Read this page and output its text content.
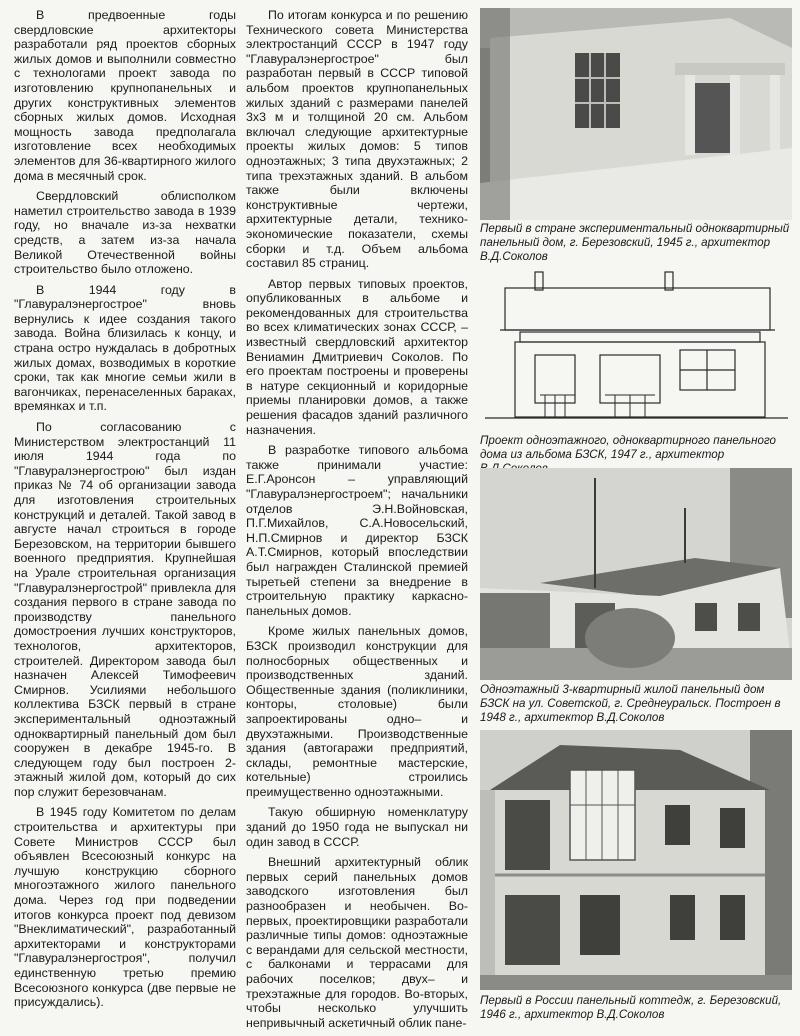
В предвоенные годы свердловские архитекторы разработали ряд проектов сборных жилых домов и выполнили совместно с технологами проект завода по изготовлению крупнопанельных и других конструктивных элементов сборных жилых домов. Исходная мощность завода предполагала изготовление всех необходимых элементов для 36-квартирного жилого дома в месячный срок.

Свердловский облисполком наметил строительство завода в 1939 году, но вначале из-за нехватки средств, а затем из-за начала Великой Отечественной войны строительство было отложено.

В 1944 году в "Главуралэнергострое" вновь вернулись к идее создания такого завода. Война близилась к концу, и страна остро нуждалась в добротных жилых домах, возводимых в короткие сроки, так как многие семьи жили в вагончиках, перенаселенных бараках, времянках и т.п.

По согласованию с Министерством электростанций 11 июля 1944 года по "Главуралэнергострою" был издан приказ № 74 об организации завода для изготовления строительных конструкций и деталей. Такой завод в августе начал строиться в городе Березовском, на территории бывшего военного предприятия. Крупнейшая на Урале строительная организация "Главуралэнергострой" привлекла для создания первого в стране завода по производству панельного домостроения лучших конструкторов, технологов, архитекторов, строителей. Директором завода был назначен Алексей Тимофеевич Смирнов. Усилиями небольшого коллектива БЗСК первый в стране экспериментальный одноэтажный одноквартирный панельный дом был сооружен в декабре 1945-го. В следующем году был построен 2-этажный жилой дом, который до сих пор служит березовчанам.

В 1945 году Комитетом по делам строительства и архитектуры при Совете Министров СССР был объявлен Всесоюзный конкурс на лучшую конструкцию сборного многоэтажного жилого панельного дома. Через год при подведении итогов конкурса проект под девизом "Внеклиматический", разработанный архитекторами и конструкторами "Главуралэнергостроя", получил единственную третью премию Всесоюзного конкурса (две первые не присуждались).

По итогам конкурса и по решению Технического совета Министерства электростанций СССР в 1947 году "Главуралэнергострое" был разработан первый в СССР типовой альбом проектов крупнопанельных жилых зданий с размерами панелей 3х3 м и толщиной 20 см. Альбом включал следующие архитектурные проекты жилых домов: 5 типов одноэтажных; 3 типа двухэтажных; 2 типа трехэтажных зданий. В альбом также были включены конструктивные чертежи, архитектурные детали, технико-экономические показатели, схемы сборки и т.д. Объем альбома составил 85 страниц.

Автор первых типовых проектов, опубликованных в альбоме и рекомендованных для строительства во всех климатических зонах СССР, – известный свердловский архитектор Вениамин Дмитриевич Соколов. По его проектам построены и проверены в натуре секционный и коридорные приемы планировки домов, а также решения фасадов зданий различного назначения.

В разработке типового альбома также принимали участие: Е.Г.Аронсон – управляющий "Главуралэнергостроем"; начальники отделов Э.Н.Войновская, П.Г.Михайлов, С.А.Новосельский, Н.П.Смирнов и директор БЗСК А.Т.Смирнов, который впоследствии был награжден Сталинской премией тыретьей степени за внедрение в строительную практику каркасно-панельных домов.

Кроме жилых панельных домов, БЗСК производил конструкции для полносборных общественных и производственных зданий. Общественные здания (поликлиники, конторы, столовые) были запроектированы одно– и двухэтажными. Производственные здания (автогаражи предприятий, склады, ремонтные мастерские, котельные) строились преимущественно одноэтажными.

Такую обширную номенклатуру зданий до 1950 года не выпускал ни один завод в СССР.

Внешний архитектурный облик первых серий панельных домов заводского изготовления был разнообразен и необычен. Во-первых, проектировщики разработали различные типы домов: одноэтажные с верандами для сельской местности, с балконами и террасами для рабочих поселков; двух– и трехэтажные для городов. Во-вторых, чтобы несколько улучшить непривычный аскетичный облик пане-

Первый в стране экспериментальный одноквартирный панельный дом, г. Березовский, 1945 г., архитектор В.Д.Соколов
Проект одноэтажного, одноквартирного панельного дома из альбома БЗСК, 1947 г., архитектор
Одноэтажный 3-квартирный жилой панельный дом БЗСК на ул. Советской, г. Среднеуральск. Построен в 1948 г., архитектор В.Д.Соколов
Первый в России панельный коттедж, г. Березовский, 1946 г., архитектор В.Д.Соколов
